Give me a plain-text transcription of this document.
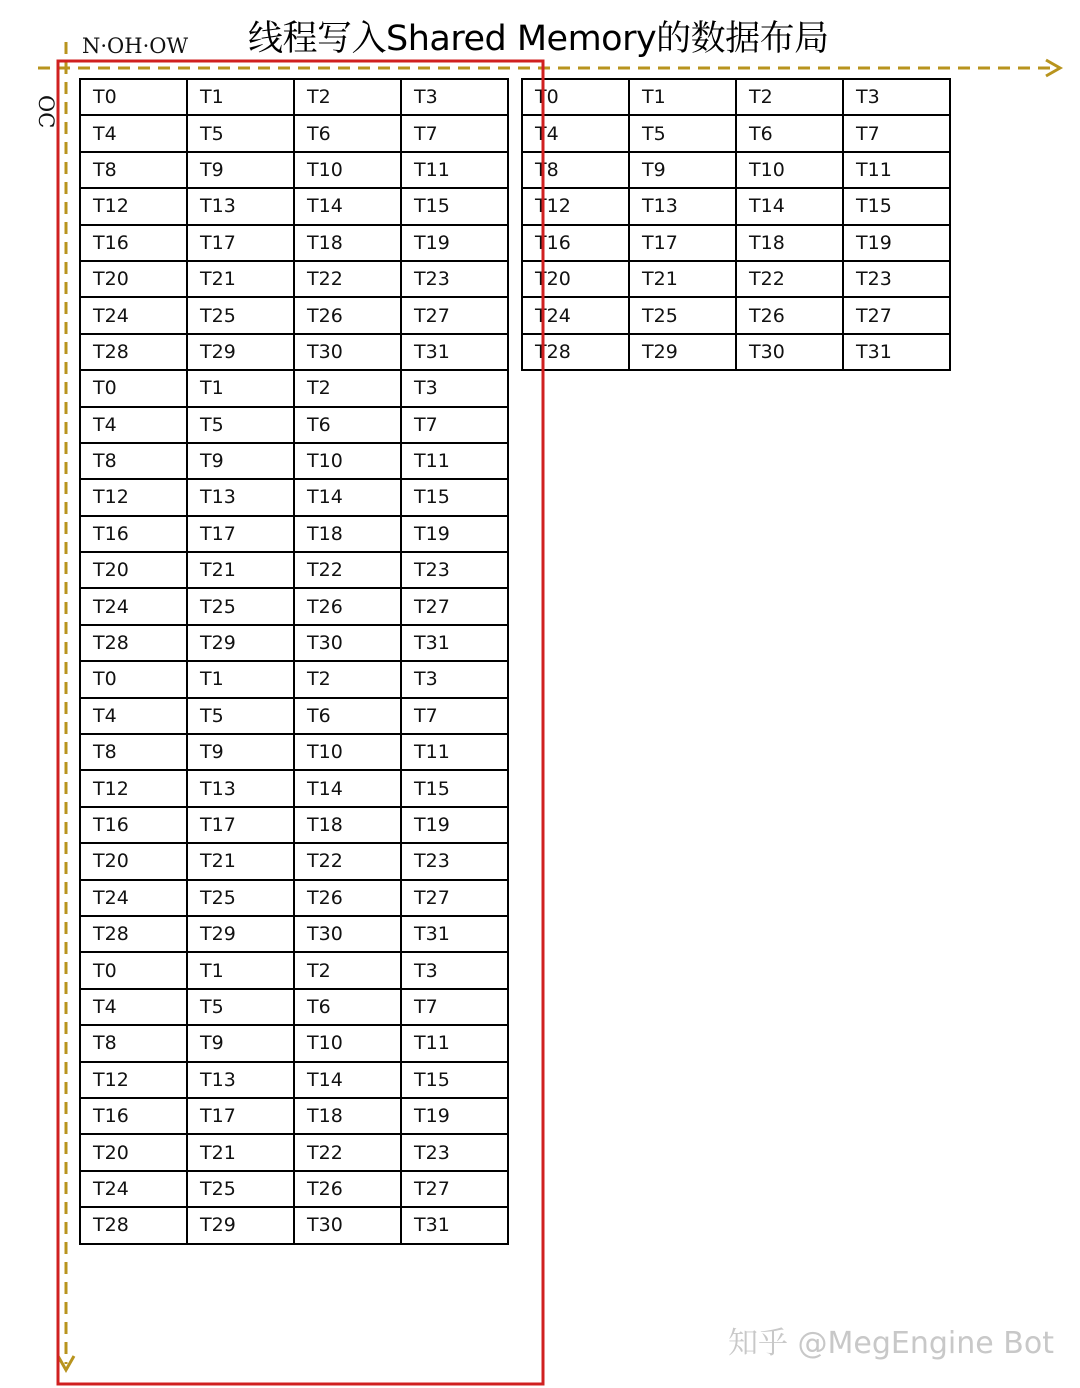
线程写入Shared Memory的数据布局
N·OH·OW
OC T0	T1	T2	T3
T4	T5	T6	T7
T8	T9	T10	T11
T12	T13	T14	T15
T16	T17	T18	T19
T20	T21	T22	T23
T24	T25	T26	T27
T28	T29	T30	T31
T0	T1	T2	T3
T4	T5	T6	T7
T8	T9	T10	T11
T12	T13	T14	T15
T16	T17	T18	T19
T20	T21	T22	T23
T24	T25	T26	T27
T28	T29	T30	T31
T0	T1	T2	T3
T4	T5	T6	T7
T8	T9	T10	T11
T12	T13	T14	T15
T16	T17	T18	T19
T20	T21	T22	T23
T24	T25	T26	T27
T28	T29	T30	T31
T0	T1	T2	T3
T4	T5	T6	T7
T8	T9	T10	T11
T12	T13	T14	T15
T16	T17	T18	T19
T20	T21	T22	T23
T24	T25	T26	T27
T28	T29	T30	T31
T0	T1	T2	T3
T4	T5	T6	T7
T8	T9	T10	T11
T12	T13	T14	T15
T16	T17	T18	T19
T20	T21	T22	T23
T24	T25	T26	T27
T28	T29	T30	T31
知乎 @MegEngine Bot
